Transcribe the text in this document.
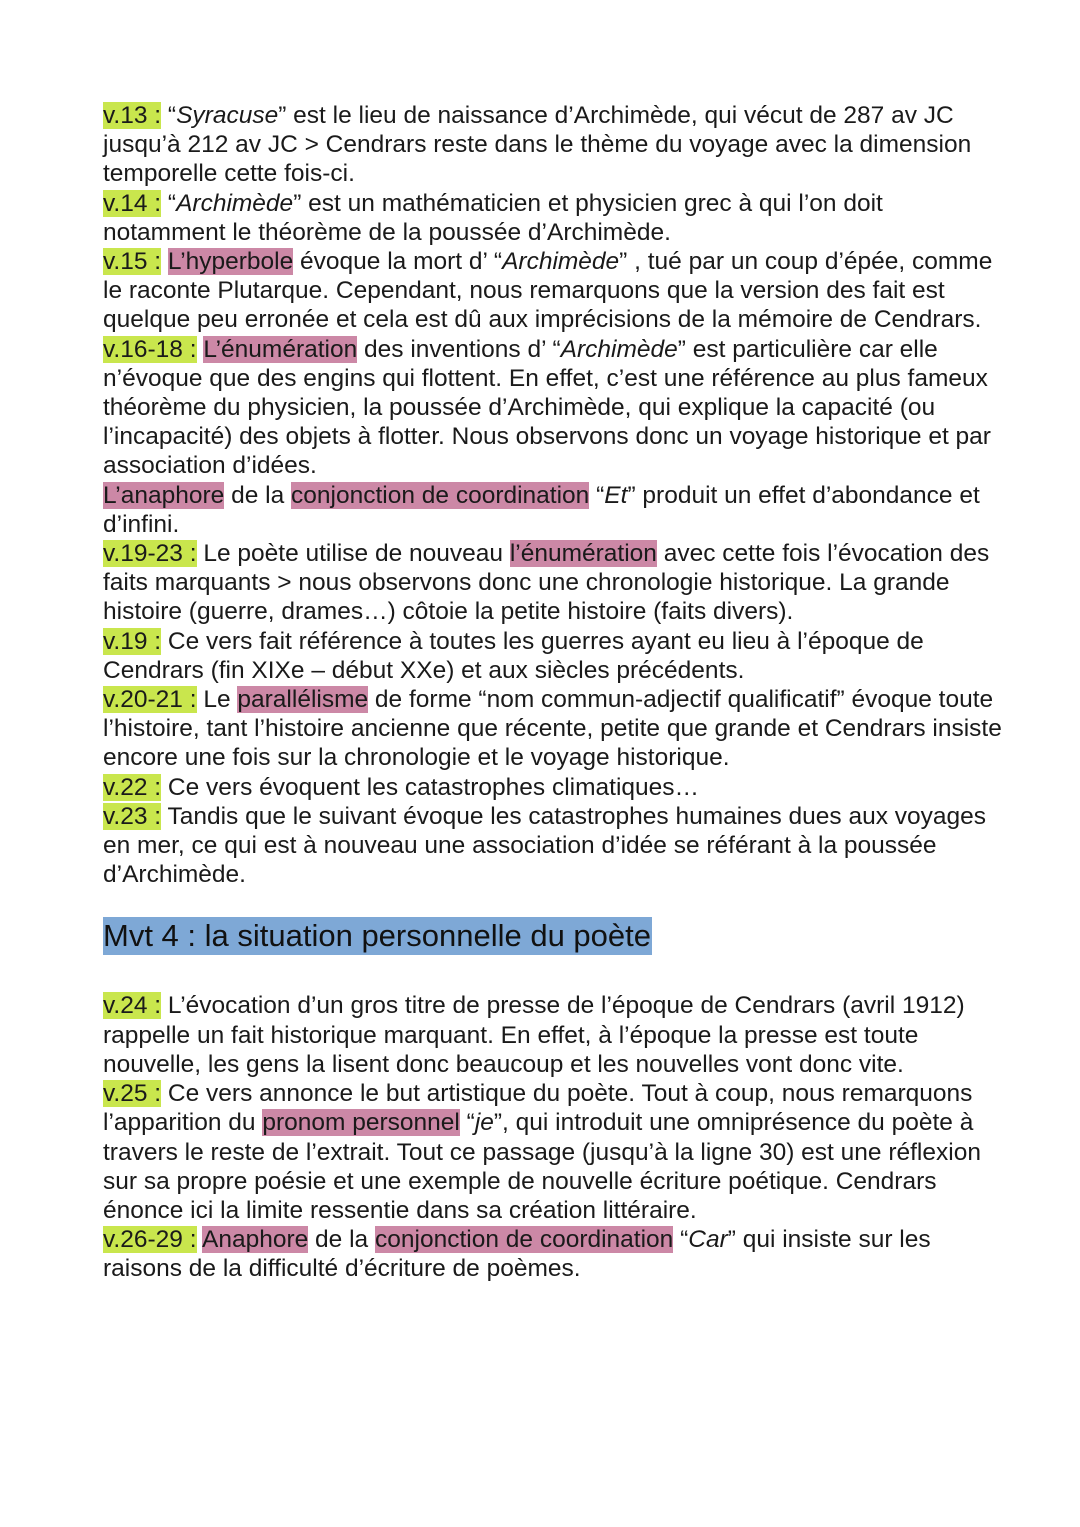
v.13 : “Syracuse” est le lieu de naissance d’Archimède, qui vécut de 287 av JC jusqu’à 212 av JC > Cendrars reste dans le thème du voyage avec la dimension temporelle cette fois-ci.

v.14 : “Archimède” est un mathématicien et physicien grec à qui l’on doit notamment le théorème de la poussée d’Archimède.

v.15 : L’hyperbole évoque la mort d’ “Archimède” , tué par un coup d’épée, comme le raconte Plutarque. Cependant, nous remarquons que la version des fait est quelque peu erronée et cela est dû aux imprécisions de la mémoire de Cendrars.

v.16-18 : L’énumération des inventions d’ “Archimède” est particulière car elle n’évoque que des engins qui flottent. En effet, c’est une référence au plus fameux théorème du physicien, la poussée d’Archimède, qui explique la capacité (ou l’incapacité) des objets à flotter. Nous observons donc un voyage historique et par association d’idées.

L’anaphore de la conjonction de coordination “Et” produit un effet d’abondance et d’infini.

v.19-23 : Le poète utilise de nouveau l’énumération avec cette fois l’évocation des faits marquants > nous observons donc une chronologie historique. La grande histoire (guerre, drames…) côtoie la petite histoire (faits divers).

v.19 : Ce vers fait référence à toutes les guerres ayant eu lieu à l’époque de Cendrars (fin XIXe – début XXe) et aux siècles précédents.

v.20-21 : Le parallélisme de forme “nom commun-adjectif qualificatif” évoque toute l’histoire, tant l’histoire ancienne que récente, petite que grande et Cendrars insiste encore une fois sur la chronologie et le voyage historique.

v.22 : Ce vers évoquent les catastrophes climatiques…

v.23 : Tandis que le suivant évoque les catastrophes humaines dues aux voyages en mer, ce qui est à nouveau une association d’idée se référant à la poussée d’Archimède.

Mvt 4 : la situation personnelle du poète

v.24 : L’évocation d’un gros titre de presse de l’époque de Cendrars (avril 1912) rappelle un fait historique marquant. En effet, à l’époque la presse est toute nouvelle, les gens la lisent donc beaucoup et les nouvelles vont donc vite.

v.25 : Ce vers annonce le but artistique du poète. Tout à coup, nous remarquons l’apparition du pronom personnel “je”, qui introduit une omniprésence du poète à travers le reste de l’extrait. Tout ce passage (jusqu’à la ligne 30) est une réflexion sur sa propre poésie et une exemple de nouvelle écriture poétique. Cendrars énonce ici la limite ressentie dans sa création littéraire.

v.26-29 : Anaphore de la conjonction de coordination “Car” qui insiste sur les raisons de la difficulté d’écriture de poèmes.
